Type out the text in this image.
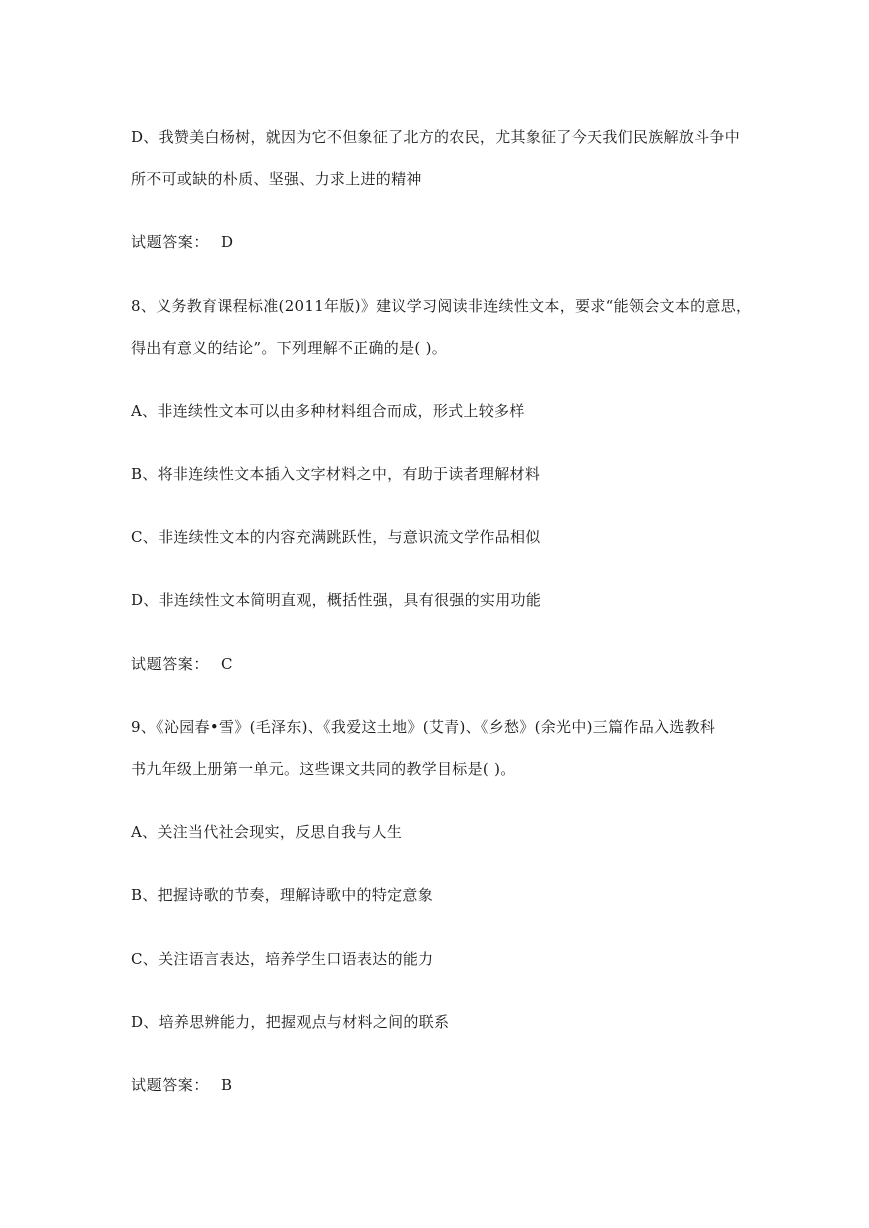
D、我赞美白杨树，就因为它不但象征了北方的农民，尤其象征了今天我们民族解放斗争中
所不可或缺的朴质、坚强、力求上进的精神
试题答案： D
8、义务教育课程标准(2011年版)》建议学习阅读非连续性文本，要求“能领会文本的意思，
得出有意义的结论”。下列理解不正确的是( )。
A、非连续性文本可以由多种材料组合而成，形式上较多样
B、将非连续性文本插入文字材料之中，有助于读者理解材料
C、非连续性文本的内容充满跳跃性，与意识流文学作品相似
D、非连续性文本简明直观，概括性强，具有很强的实用功能
试题答案： C
9、《沁园春•雪》(毛泽东)、《我爱这土地》(艾青)、《乡愁》(余光中)三篇作品入选教科
书九年级上册第一单元。这些课文共同的教学目标是( )。
A、关注当代社会现实，反思自我与人生
B、把握诗歌的节奏，理解诗歌中的特定意象
C、关注语言表达，培养学生口语表达的能力
D、培养思辨能力，把握观点与材料之间的联系
试题答案： B
